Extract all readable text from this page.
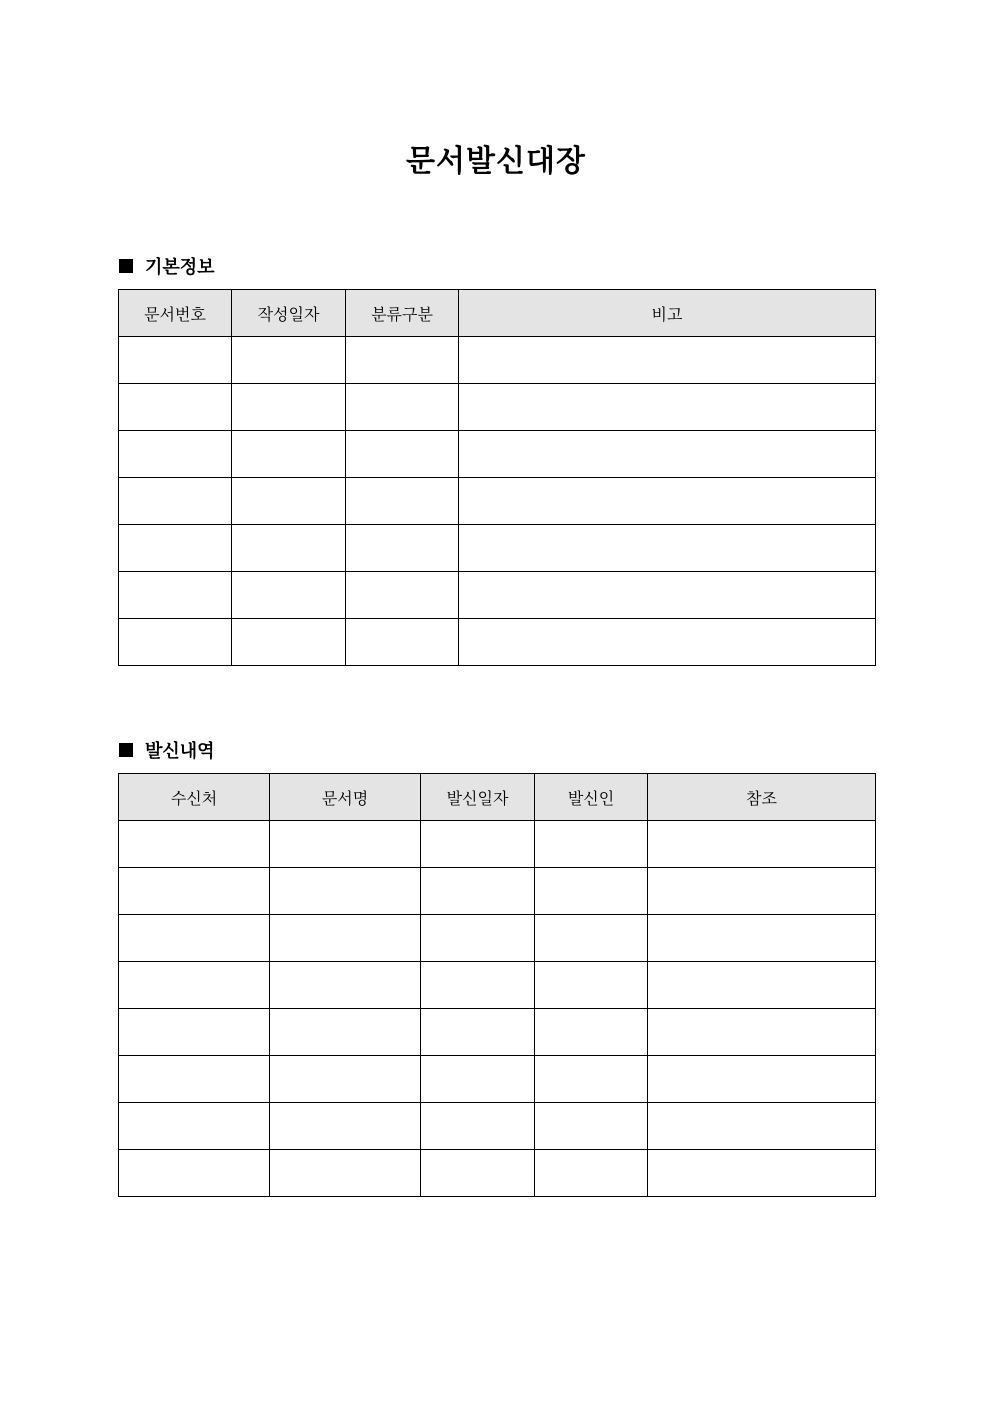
문서발신대장
기본정보
문서번호	작성일자	분류구분	비고

발신내역
수신처	문서명	발신일자	발신인	참조
